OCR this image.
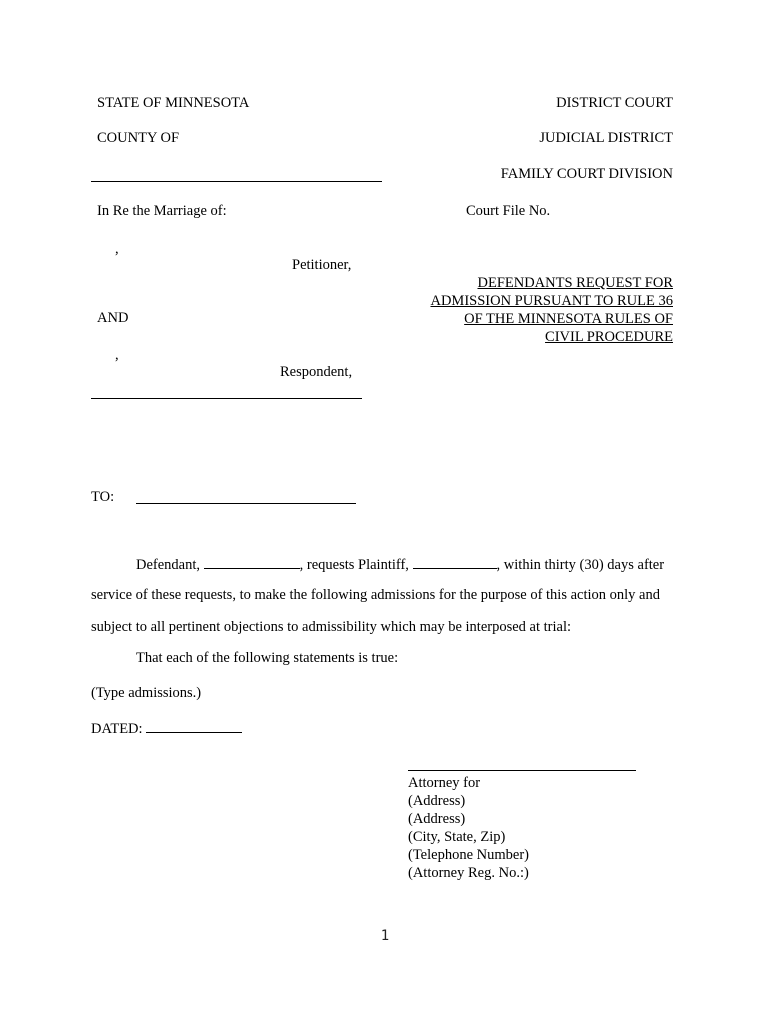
STATE OF MINNESOTA	DISTRICT COURT
COUNTY OF	JUDICIAL DISTRICT
FAMILY COURT DIVISION
In Re the Marriage of:	Court File No.
,
Petitioner,
AND
,
Respondent,
DEFENDANTS REQUEST FOR
ADMISSION PURSUANT TO RULE 36
OF THE MINNESOTA RULES OF
CIVIL PROCEDURE
TO:
Defendant,	, requests Plaintiff,	, within thirty (30) days after
service of these requests, to make the following admissions for the purpose of this action only and
subject to all pertinent objections to admissibility which may be interposed at trial:
That each of the following statements is true:
(Type admissions.)
DATED:
Attorney for
(Address)
(Address)
(City, State, Zip)
(Telephone Number)
(Attorney Reg. No.:)
1
